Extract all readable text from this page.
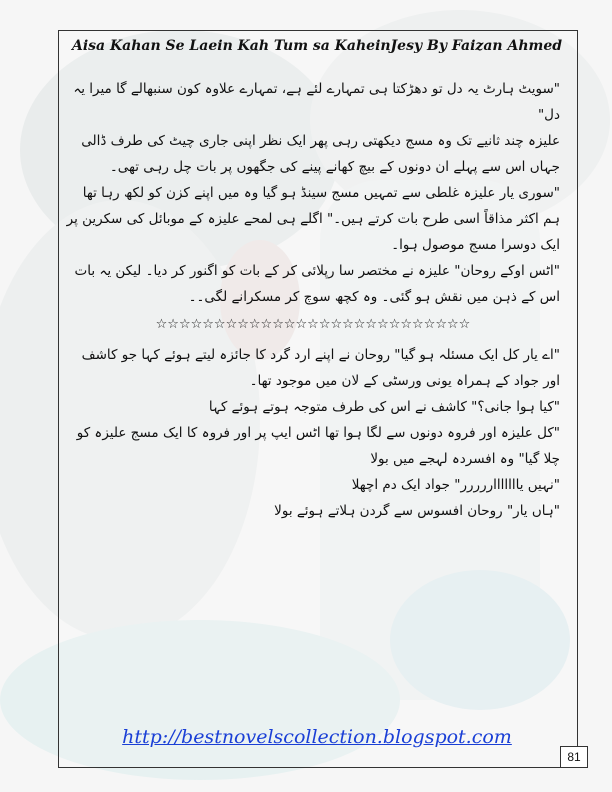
Aisa Kahan Se Laein Kah Tum sa KaheinJesy By Faizan Ahmed

"سویٹ ہارٹ یہ دل تو دھڑکتا ہی تمہارے لئے ہے، تمہارے علاوہ کون سنبھالے گا میرا یہ دل"

علیزہ چند ثانیے تک وہ مسج دیکھتی رہی پھر ایک نظر اپنی جاری چیٹ کی طرف ڈالی جہاں اس سے پہلے ان دونوں کے بیچ کھانے پینے کی جگھوں پر بات چل رہی تھی۔

"سوری یار علیزہ غلطی سے تمہیں مسج سینڈ ہو گیا وہ میں اپنے کزن کو لکھ رہا تھا ہم اکثر مذاقاً اسی طرح بات کرتے ہیں۔" اگلے ہی لمحے علیزہ کے موبائل کی سکرین پر ایک دوسرا مسج موصول ہوا۔

"اٹس اوکے روحان" علیزہ نے مختصر سا رپلائی کر کے بات کو اگنور کر دیا۔ لیکن یہ بات اس کے ذہن میں نقش ہو گئی۔ وہ کچھ سوچ کر مسکرانے لگی۔۔

☆☆☆☆☆☆☆☆☆☆☆☆☆☆☆☆☆☆☆☆☆☆☆☆☆☆☆

"اے یار کل ایک مسئلہ ہو گیا" روحان نے اپنے ارد گرد کا جائزہ لیتے ہوئے کہا جو کاشف اور جواد کے ہمراہ یونی ورسٹی کے لان میں موجود تھا۔

"کیا ہوا جانی؟" کاشف نے اس کی طرف متوجہ ہوتے ہوئے کہا

"کل علیزہ اور فروہ دونوں سے لگا ہوا تھا اٹس ایپ پر اور فروہ کا ایک مسج علیزہ کو چلا گیا" وہ افسردہ لہجے میں بولا

"نہیں یاااااااررررر" جواد ایک دم اچھلا

"ہاں یار" روحان افسوس سے گردن ہلاتے ہوئے بولا

http://bestnovelscollection.blogspot.com
81
